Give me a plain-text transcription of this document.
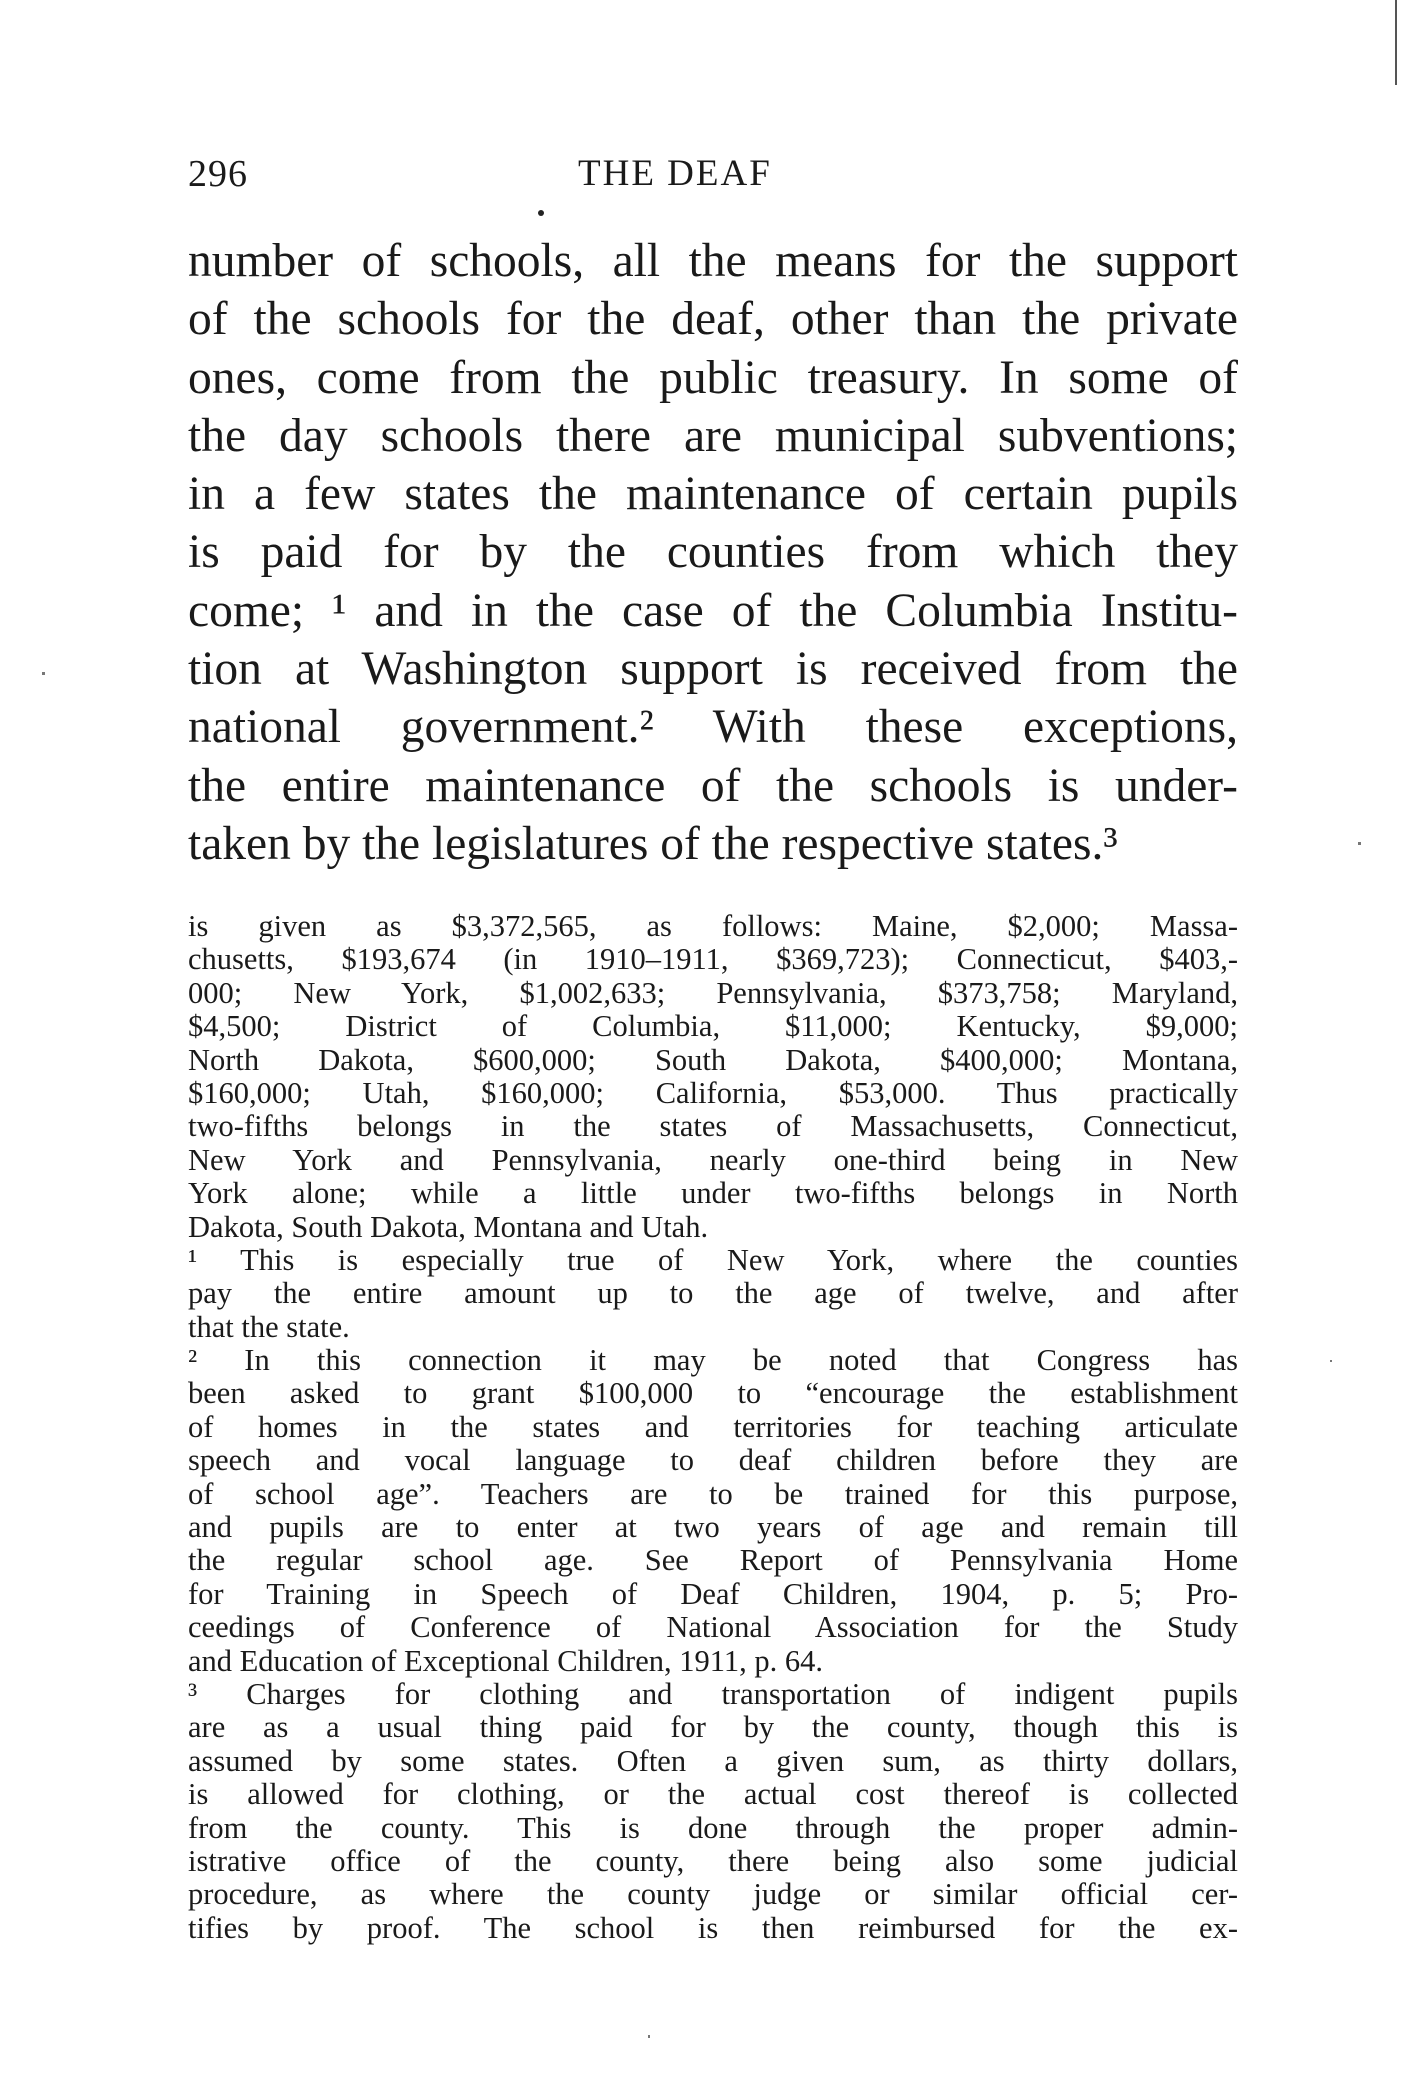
296	THE DEAF
number of schools, all the means for the support
of the schools for the deaf, other than the private
ones, come from the public treasury. In some of
the day schools there are municipal subventions;
in a few states the maintenance of certain pupils
is paid for by the counties from which they
come; ¹ and in the case of the Columbia Institu-
tion at Washington support is received from the
national government.² With these exceptions,
the entire maintenance of the schools is under-
taken by the legislatures of the respective states.³
is given as $3,372,565, as follows: Maine, $2,000; Massa-
chusetts, $193,674 (in 1910–1911, $369,723); Connecticut, $403,-
000; New York, $1,002,633; Pennsylvania, $373,758; Maryland,
$4,500; District of Columbia, $11,000; Kentucky, $9,000;
North Dakota, $600,000; South Dakota, $400,000; Montana,
$160,000; Utah, $160,000; California, $53,000. Thus practically
two-fifths belongs in the states of Massachusetts, Connecticut,
New York and Pennsylvania, nearly one-third being in New
York alone; while a little under two-fifths belongs in North
Dakota, South Dakota, Montana and Utah.
¹ This is especially true of New York, where the counties
pay the entire amount up to the age of twelve, and after
that the state.
² In this connection it may be noted that Congress has
been asked to grant $100,000 to “encourage the establishment
of homes in the states and territories for teaching articulate
speech and vocal language to deaf children before they are
of school age”. Teachers are to be trained for this purpose,
and pupils are to enter at two years of age and remain till
the regular school age. See Report of Pennsylvania Home
for Training in Speech of Deaf Children, 1904, p. 5; Pro-
ceedings of Conference of National Association for the Study
and Education of Exceptional Children, 1911, p. 64.
³ Charges for clothing and transportation of indigent pupils
are as a usual thing paid for by the county, though this is
assumed by some states. Often a given sum, as thirty dollars,
is allowed for clothing, or the actual cost thereof is collected
from the county. This is done through the proper admin-
istrative office of the county, there being also some judicial
procedure, as where the county judge or similar official cer-
tifies by proof. The school is then reimbursed for the ex-
